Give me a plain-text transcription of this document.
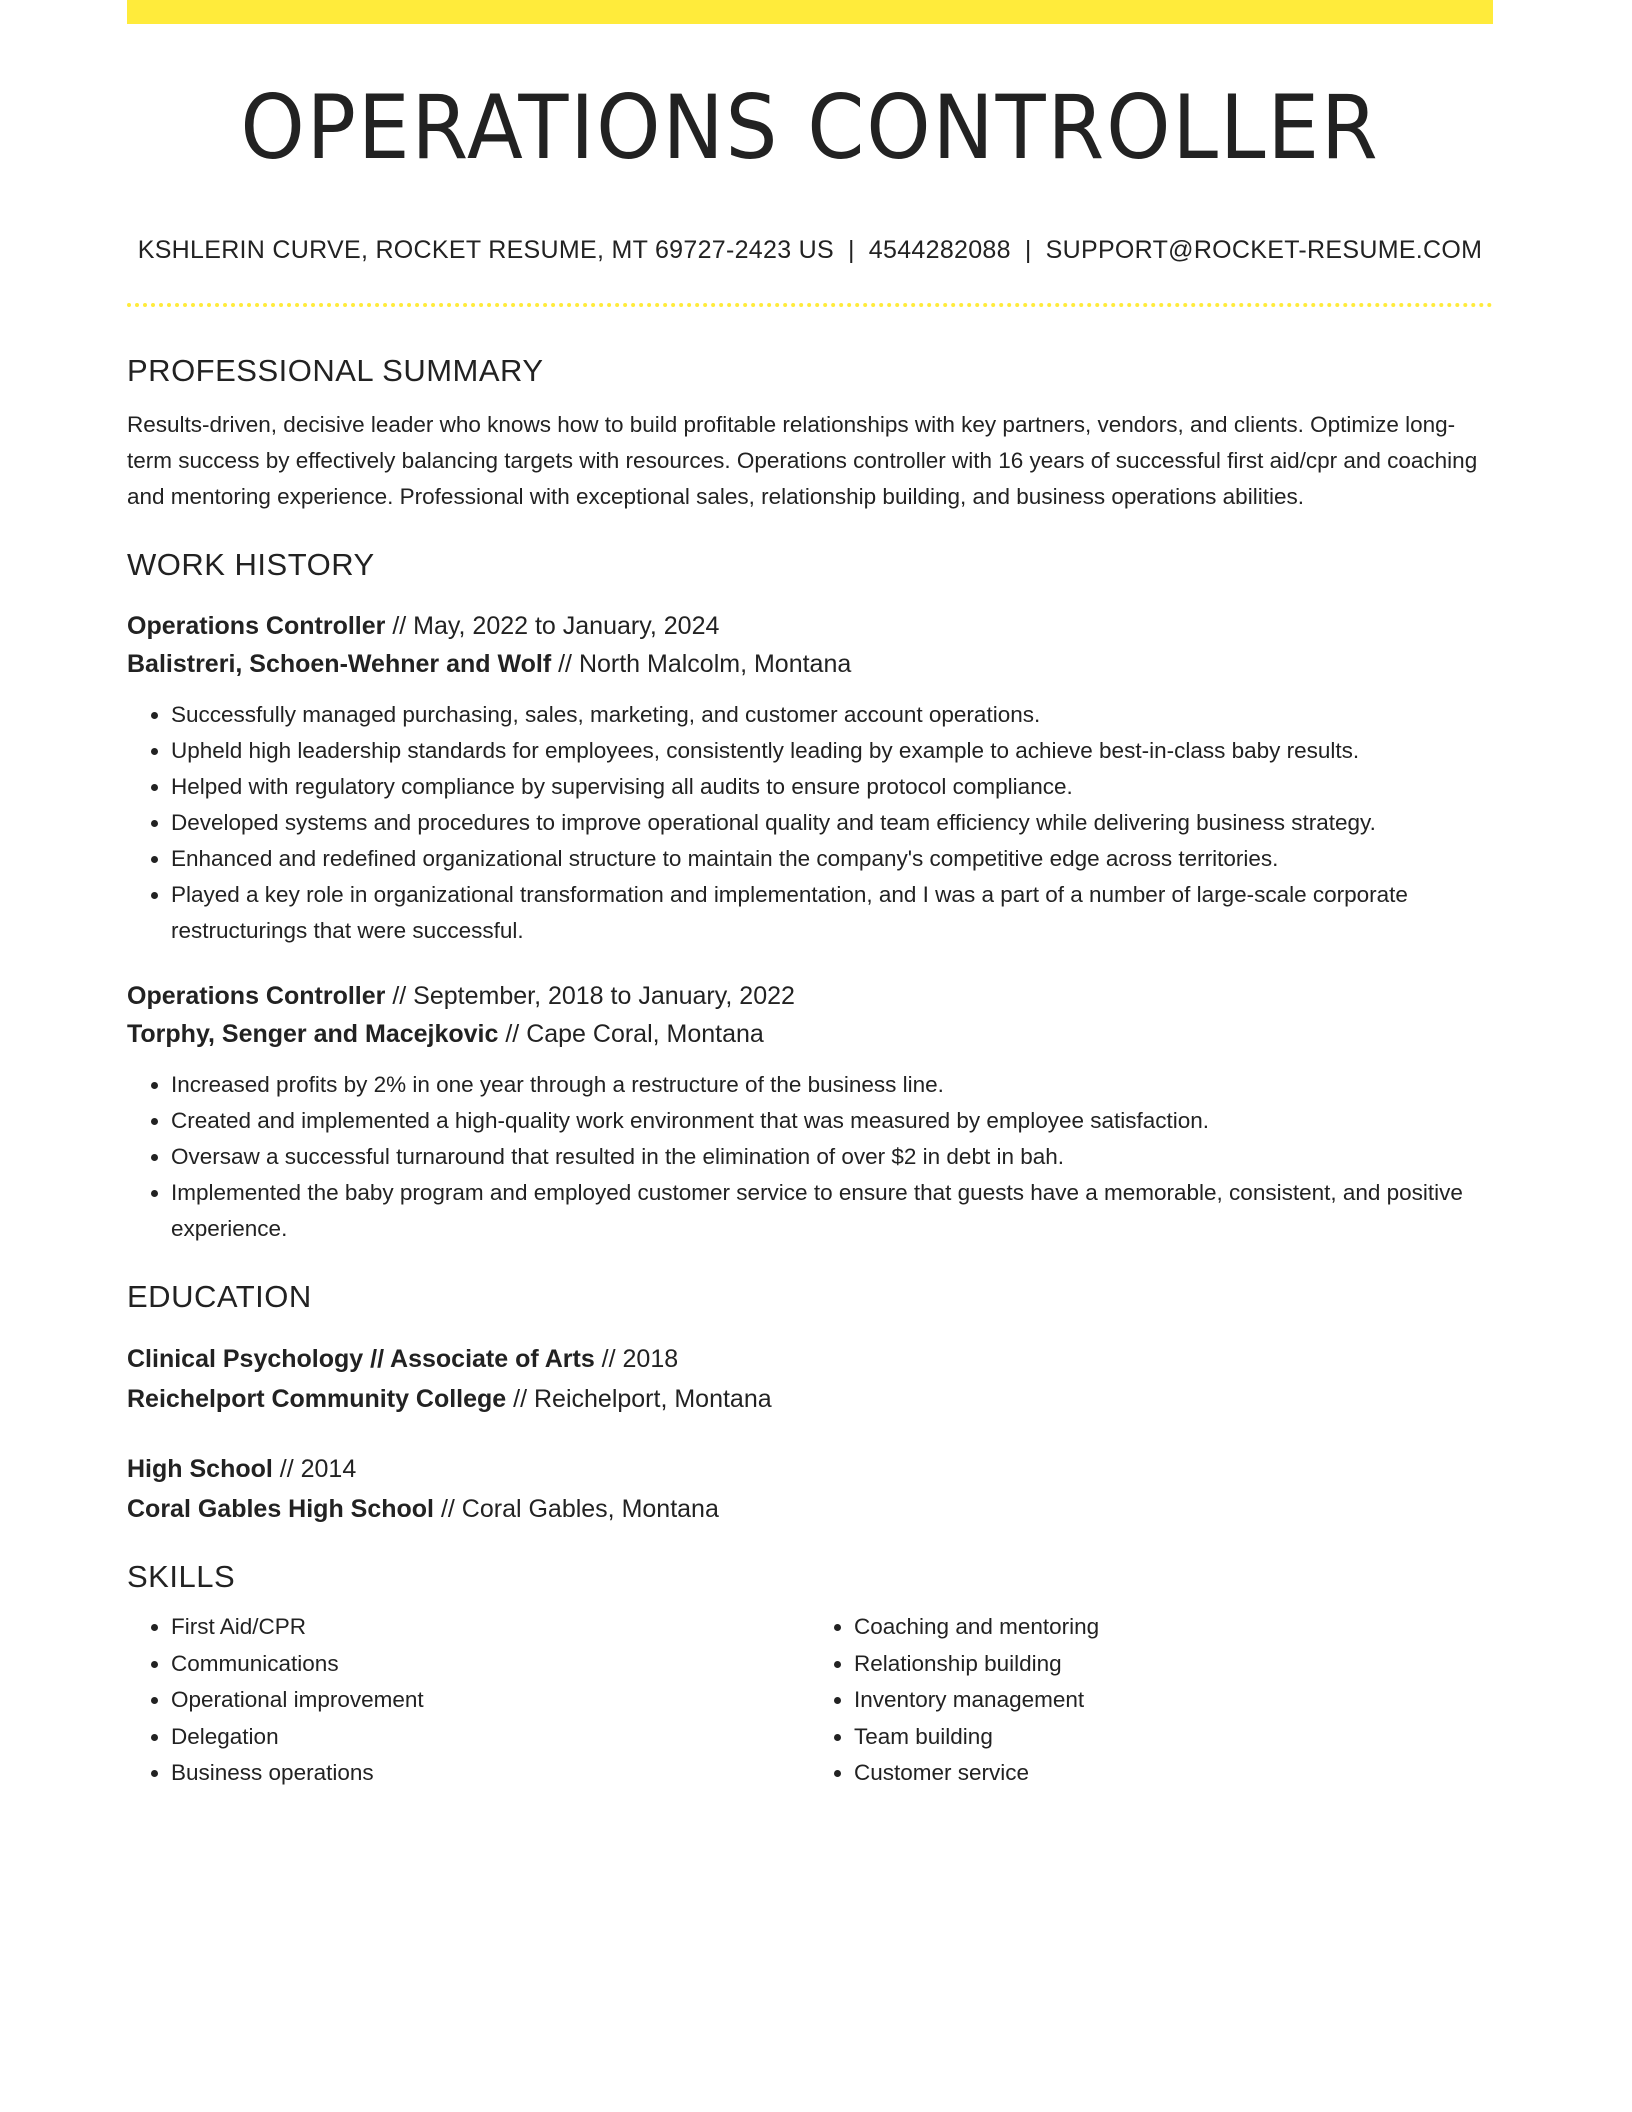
OPERATIONS CONTROLLER
KSHLERIN CURVE, ROCKET RESUME, MT 69727-2423 US | 4544282088 | SUPPORT@ROCKET-RESUME.COM
PROFESSIONAL SUMMARY
Results-driven, decisive leader who knows how to build profitable relationships with key partners, vendors, and clients. Optimize long-term success by effectively balancing targets with resources. Operations controller with 16 years of successful first aid/cpr and coaching and mentoring experience. Professional with exceptional sales, relationship building, and business operations abilities.
WORK HISTORY
Operations Controller // May, 2022 to January, 2024
Balistreri, Schoen-Wehner and Wolf // North Malcolm, Montana
• Successfully managed purchasing, sales, marketing, and customer account operations.
• Upheld high leadership standards for employees, consistently leading by example to achieve best-in-class baby results.
• Helped with regulatory compliance by supervising all audits to ensure protocol compliance.
• Developed systems and procedures to improve operational quality and team efficiency while delivering business strategy.
• Enhanced and redefined organizational structure to maintain the company's competitive edge across territories.
• Played a key role in organizational transformation and implementation, and I was a part of a number of large-scale corporate restructurings that were successful.
Operations Controller // September, 2018 to January, 2022
Torphy, Senger and Macejkovic // Cape Coral, Montana
• Increased profits by 2% in one year through a restructure of the business line.
• Created and implemented a high-quality work environment that was measured by employee satisfaction.
• Oversaw a successful turnaround that resulted in the elimination of over $2 in debt in bah.
• Implemented the baby program and employed customer service to ensure that guests have a memorable, consistent, and positive experience.
EDUCATION
Clinical Psychology // Associate of Arts // 2018
Reichelport Community College // Reichelport, Montana
High School // 2014
Coral Gables High School // Coral Gables, Montana
SKILLS
• First Aid/CPR
• Communications
• Operational improvement
• Delegation
• Business operations
• Coaching and mentoring
• Relationship building
• Inventory management
• Team building
• Customer service
